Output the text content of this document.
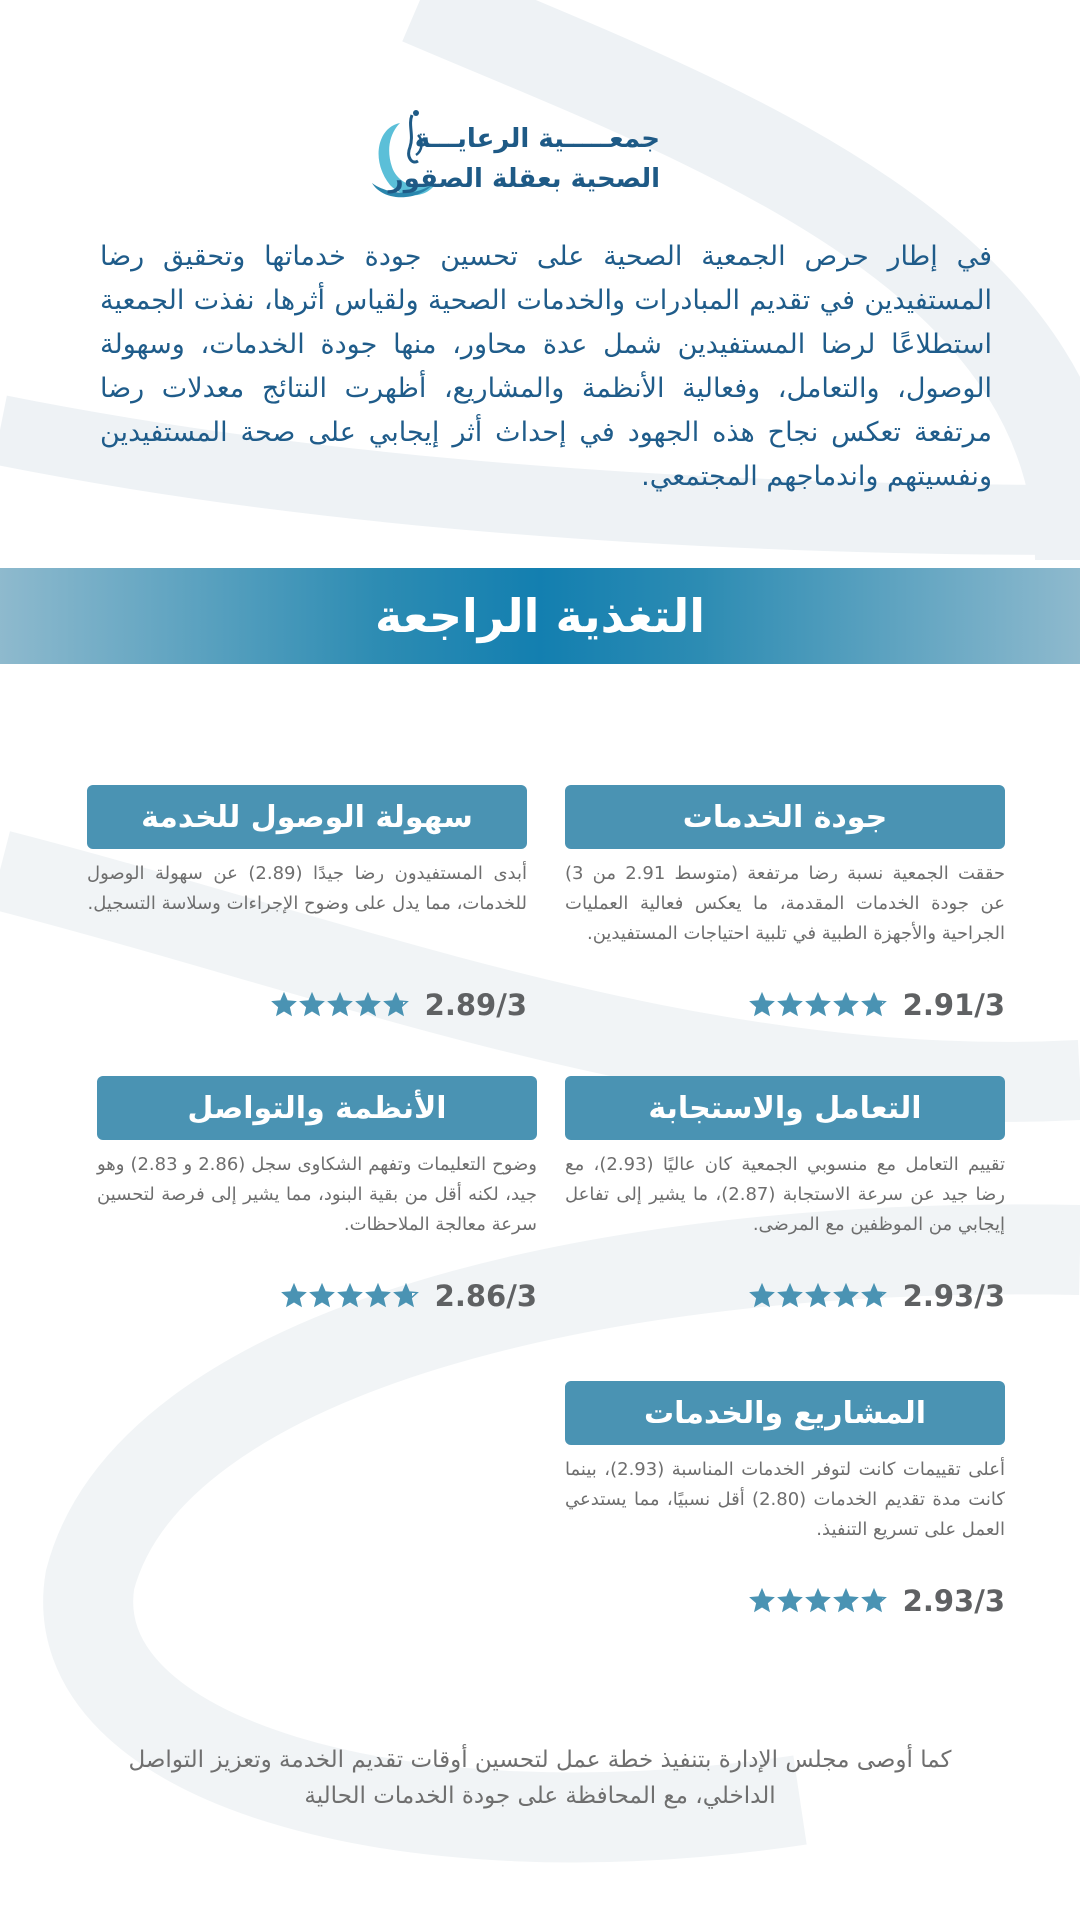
جمعـــــية الرعايـــة
الصحية بعقلة الصقور

في إطار حرص الجمعية الصحية على تحسين جودة خدماتها وتحقيق رضا المستفيدين في تقديم المبادرات والخدمات الصحية ولقياس أثرها، نفذت الجمعية استطلاعًا لرضا المستفيدين شمل عدة محاور، منها جودة الخدمات، وسهولة الوصول، والتعامل، وفعالية الأنظمة والمشاريع، أظهرت النتائج معدلات رضا مرتفعة تعكس نجاح هذه الجهود في إحداث أثر إيجابي على صحة المستفيدين ونفسيتهم واندماجهم المجتمعي.

التغذية الراجعة
جودة الخدمات

حققت الجمعية نسبة رضا مرتفعة (متوسط 2.91 من 3) عن جودة الخدمات المقدمة، ما يعكس فعالية العمليات الجراحية والأجهزة الطبية في تلبية احتياجات المستفيدين.

2.91/3
سهولة الوصول للخدمة

أبدى المستفيدون رضا جيدًا (2.89) عن سهولة الوصول للخدمات، مما يدل على وضوح الإجراءات وسلاسة التسجيل.

2.89/3
التعامل والاستجابة

تقييم التعامل مع منسوبي الجمعية كان عاليًا (2.93)، مع رضا جيد عن سرعة الاستجابة (2.87)، ما يشير إلى تفاعل إيجابي من الموظفين مع المرضى.

2.93/3
الأنظمة والتواصل

وضوح التعليمات وتفهم الشكاوى سجل (2.86 و 2.83) وهو جيد، لكنه أقل من بقية البنود، مما يشير إلى فرصة لتحسين سرعة معالجة الملاحظات.

2.86/3
المشاريع والخدمات

أعلى تقييمات كانت لتوفر الخدمات المناسبة (2.93)، بينما كانت مدة تقديم الخدمات (2.80) أقل نسبيًا، مما يستدعي العمل على تسريع التنفيذ.

2.93/3

كما أوصى مجلس الإدارة بتنفيذ خطة عمل لتحسين أوقات تقديم الخدمة وتعزيز التواصل الداخلي، مع المحافظة على جودة الخدمات الحالية
